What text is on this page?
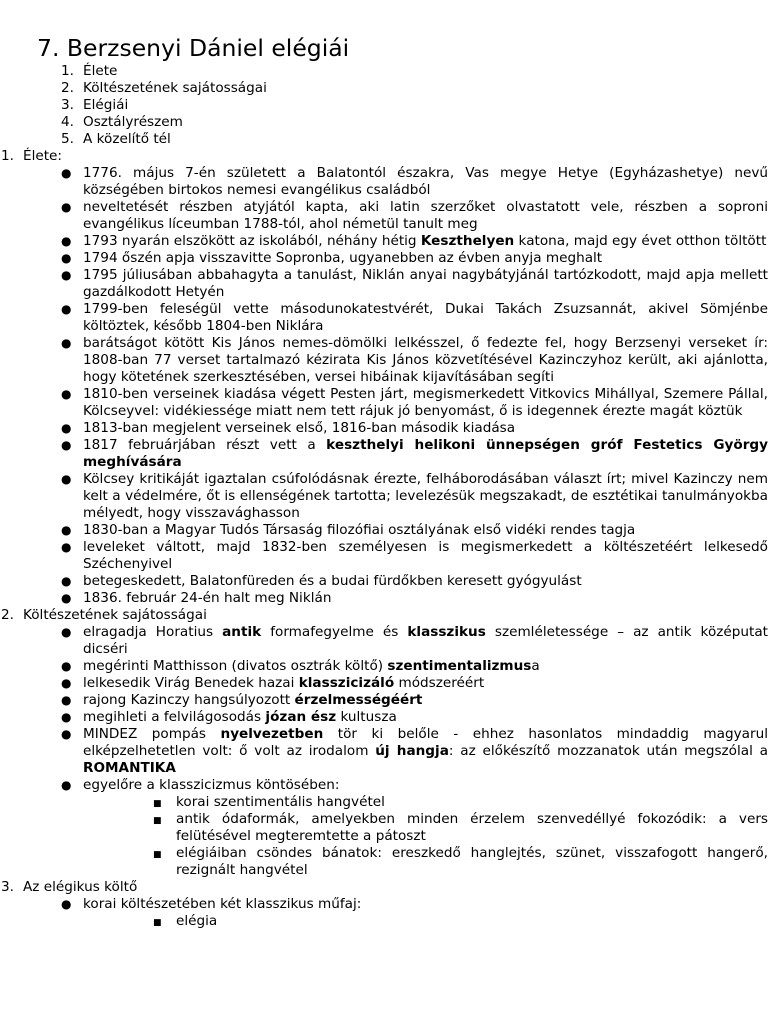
7. Berzsenyi Dániel elégiái
1. Élete
2. Költészetének sajátosságai
3. Elégiái
4. Osztályrészem
5. A közelítő tél
1. Élete:
● 1776. május 7-én született a Balatontól északra, Vas megye Hetye (Egyházashetye) nevű községében birtokos nemesi evangélikus családból
● neveltetését részben atyjától kapta, aki latin szerzőket olvastatott vele, részben a soproni evangélikus líceumban 1788-tól, ahol németül tanult meg
● 1793 nyarán elszökött az iskolából, néhány hétig Keszthelyen katona, majd egy évet otthon töltött
● 1794 őszén apja visszavitte Sopronba, ugyanebben az évben anyja meghalt
● 1795 júliusában abbahagyta a tanulást, Niklán anyai nagybátyjánál tartózkodott, majd apja mellett gazdálkodott Hetyén
● 1799-ben feleségül vette másodunokatestvérét, Dukai Takách Zsuzsannát, akivel Sömjénbe költöztek, később 1804-ben Niklára
● barátságot kötött Kis János nemes-dömölki lelkésszel, ő fedezte fel, hogy Berzsenyi verseket ír: 1808-ban 77 verset tartalmazó kézirata Kis János közvetítésével Kazinczyhoz került, aki ajánlotta, hogy kötetének szerkesztésében, versei hibáinak kijavításában segíti
● 1810-ben verseinek kiadása végett Pesten járt, megismerkedett Vitkovics Mihállyal, Szemere Pállal, Kölcseyvel: vidékiessége miatt nem tett rájuk jó benyomást, ő is idegennek érezte magát köztük
● 1813-ban megjelent verseinek első, 1816-ban második kiadása
● 1817 februárjában részt vett a keszthelyi helikoni ünnepségen gróf Festetics György meghívására
● Kölcsey kritikáját igaztalan csúfolódásnak érezte, felháborodásában választ írt; mivel Kazinczy nem kelt a védelmére, őt is ellenségének tartotta; levelezésük megszakadt, de esztétikai tanulmányokba mélyedt, hogy visszavághasson
● 1830-ban a Magyar Tudós Társaság filozófiai osztályának első vidéki rendes tagja
● leveleket váltott, majd 1832-ben személyesen is megismerkedett a költészetéért lelkesedő Széchenyivel
● betegeskedett, Balatonfüreden és a budai fürdőkben keresett gyógyulást
● 1836. február 24-én halt meg Niklán
2. Költészetének sajátosságai
● elragadja Horatius antik formafegyelme és klasszikus szemléletessége – az antik középutat dicséri
● megérinti Matthisson (divatos osztrák költő) szentimentalizmusa
● lelkesedik Virág Benedek hazai klasszicizáló módszeréért
● rajong Kazinczy hangsúlyozott érzelmességéért
● megihleti a felvilágosodás józan ész kultusza
● MINDEZ pompás nyelvezetben tör ki belőle - ehhez hasonlatos mindaddig magyarul elképzelhetetlen volt: ő volt az irodalom új hangja: az előkészítő mozzanatok után megszólal a ROMANTIKA
● egyelőre a klasszicizmus köntösében:
■ korai szentimentális hangvétel
■ antik ódaformák, amelyekben minden érzelem szenvedéllyé fokozódik: a vers felütésével megteremtette a pátoszt
■ elégiáiban csöndes bánatok: ereszkedő hanglejtés, szünet, visszafogott hangerő, rezignált hangvétel
3. Az elégikus költő
● korai költészetében két klasszikus műfaj:
■ elégia
